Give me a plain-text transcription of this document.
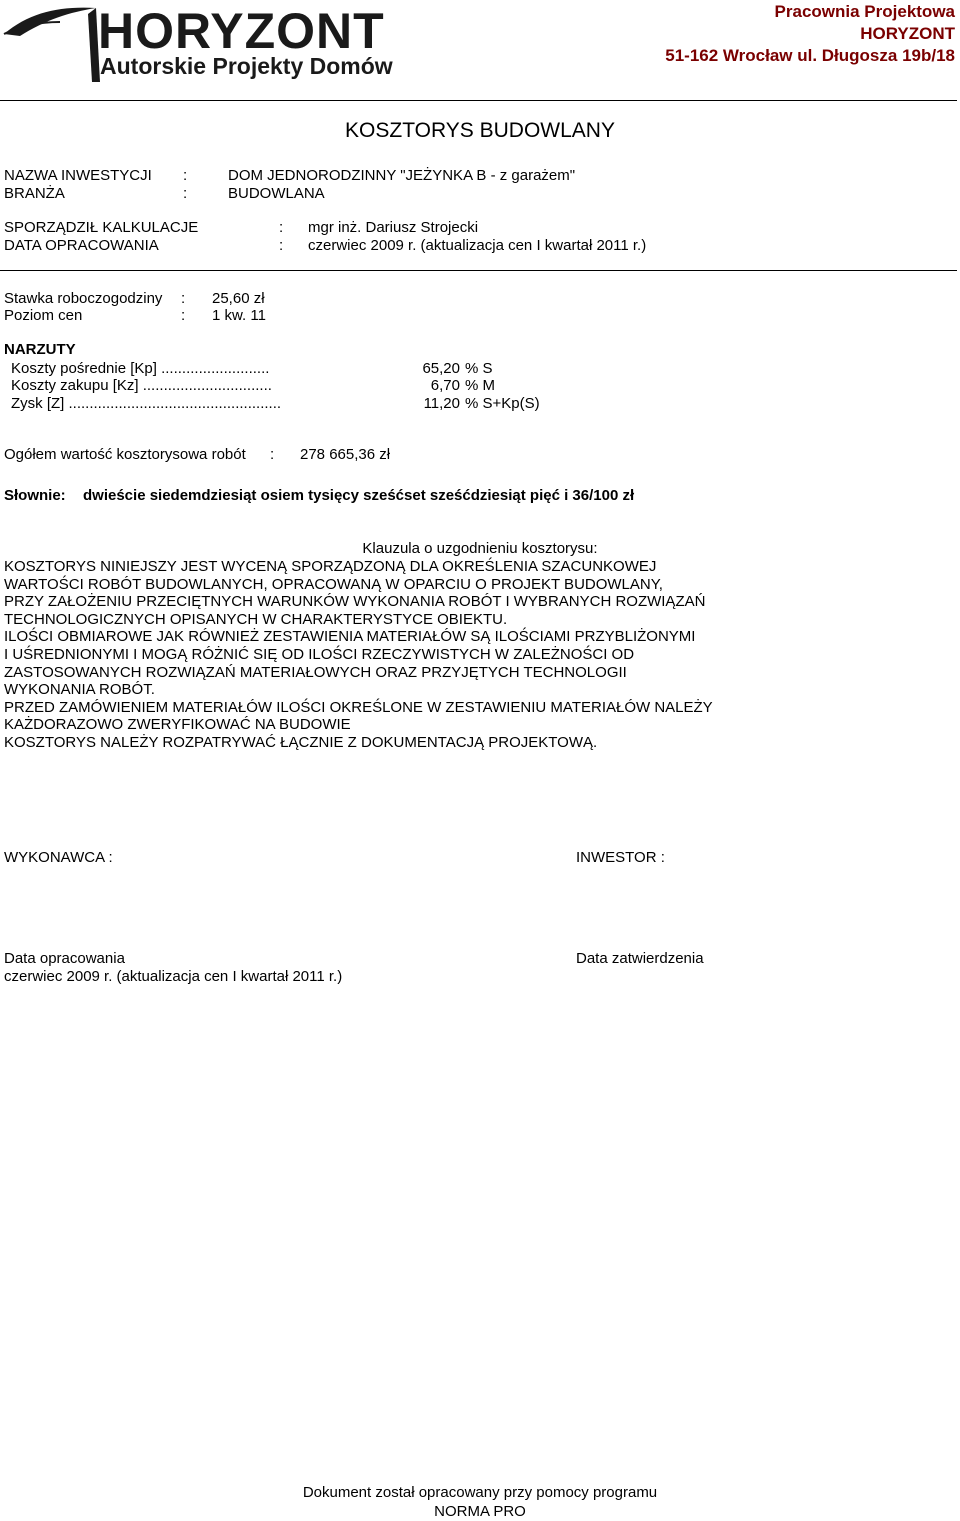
HORYZONT
Autorskie Projekty Domów
Pracownia Projektowa
HORYZONT
51-162 Wrocław ul. Długosza 19b/18
KOSZTORYS BUDOWLANY
NAZWA INWESTYCJI :	DOM JEDNORODZINNY "JEŻYNKA B - z garażem"
BRANŻA	:	BUDOWLANA
SPORZĄDZIŁ KALKULACJE	: mgr inż. Dariusz Strojecki
DATA OPRACOWANIA	: czerwiec 2009 r. (aktualizacja cen I kwartał 2011 r.)
Stawka roboczogodziny : 25,60 zł
Poziom cen	: 1 kw. 11
NARZUTY
Koszty pośrednie [Kp] ..........................	65,20 % S
Koszty zakupu [Kz] ...............................	6,70 % M
Zysk [Z] ...................................................	11,20 % S+Kp(S)
Ogółem wartość kosztorysowa robót : 278 665,36 zł
Słownie: dwieście siedemdziesiąt osiem tysięcy sześćset sześćdziesiąt pięć i 36/100 zł
Klauzula o uzgodnieniu kosztorysu:
KOSZTORYS NINIEJSZY JEST WYCENĄ SPORZĄDZONĄ DLA OKREŚLENIA SZACUNKOWEJ
WARTOŚCI ROBÓT BUDOWLANYCH, OPRACOWANĄ W OPARCIU O PROJEKT BUDOWLANY,
PRZY ZAŁOŻENIU PRZECIĘTNYCH WARUNKÓW WYKONANIA ROBÓT I WYBRANYCH ROZWIĄZAŃ
TECHNOLOGICZNYCH OPISANYCH W CHARAKTERYSTYCE OBIEKTU.
ILOŚCI OBMIAROWE JAK RÓWNIEŻ ZESTAWIENIA MATERIAŁÓW SĄ ILOŚCIAMI PRZYBLIŻONYMI
I UŚREDNIONYMI I MOGĄ RÓŻNIĆ SIĘ OD ILOŚCI RZECZYWISTYCH W ZALEŻNOŚCI OD
ZASTOSOWANYCH ROZWIĄZAŃ MATERIAŁOWYCH ORAZ PRZYJĘTYCH TECHNOLOGII
WYKONANIA ROBÓT.
PRZED ZAMÓWIENIEM MATERIAŁÓW ILOŚCI OKREŚLONE W ZESTAWIENIU MATERIAŁÓW NALEŻY
KAŻDORAZOWO ZWERYFIKOWAĆ NA BUDOWIE
KOSZTORYS NALEŻY ROZPATRYWAĆ ŁĄCZNIE Z DOKUMENTACJĄ PROJEKTOWĄ.
WYKONAWCA :	INWESTOR :
Data opracowania
czerwiec 2009 r. (aktualizacja cen I kwartał 2011 r.)
Data zatwierdzenia
Dokument został opracowany przy pomocy programu
NORMA PRO
